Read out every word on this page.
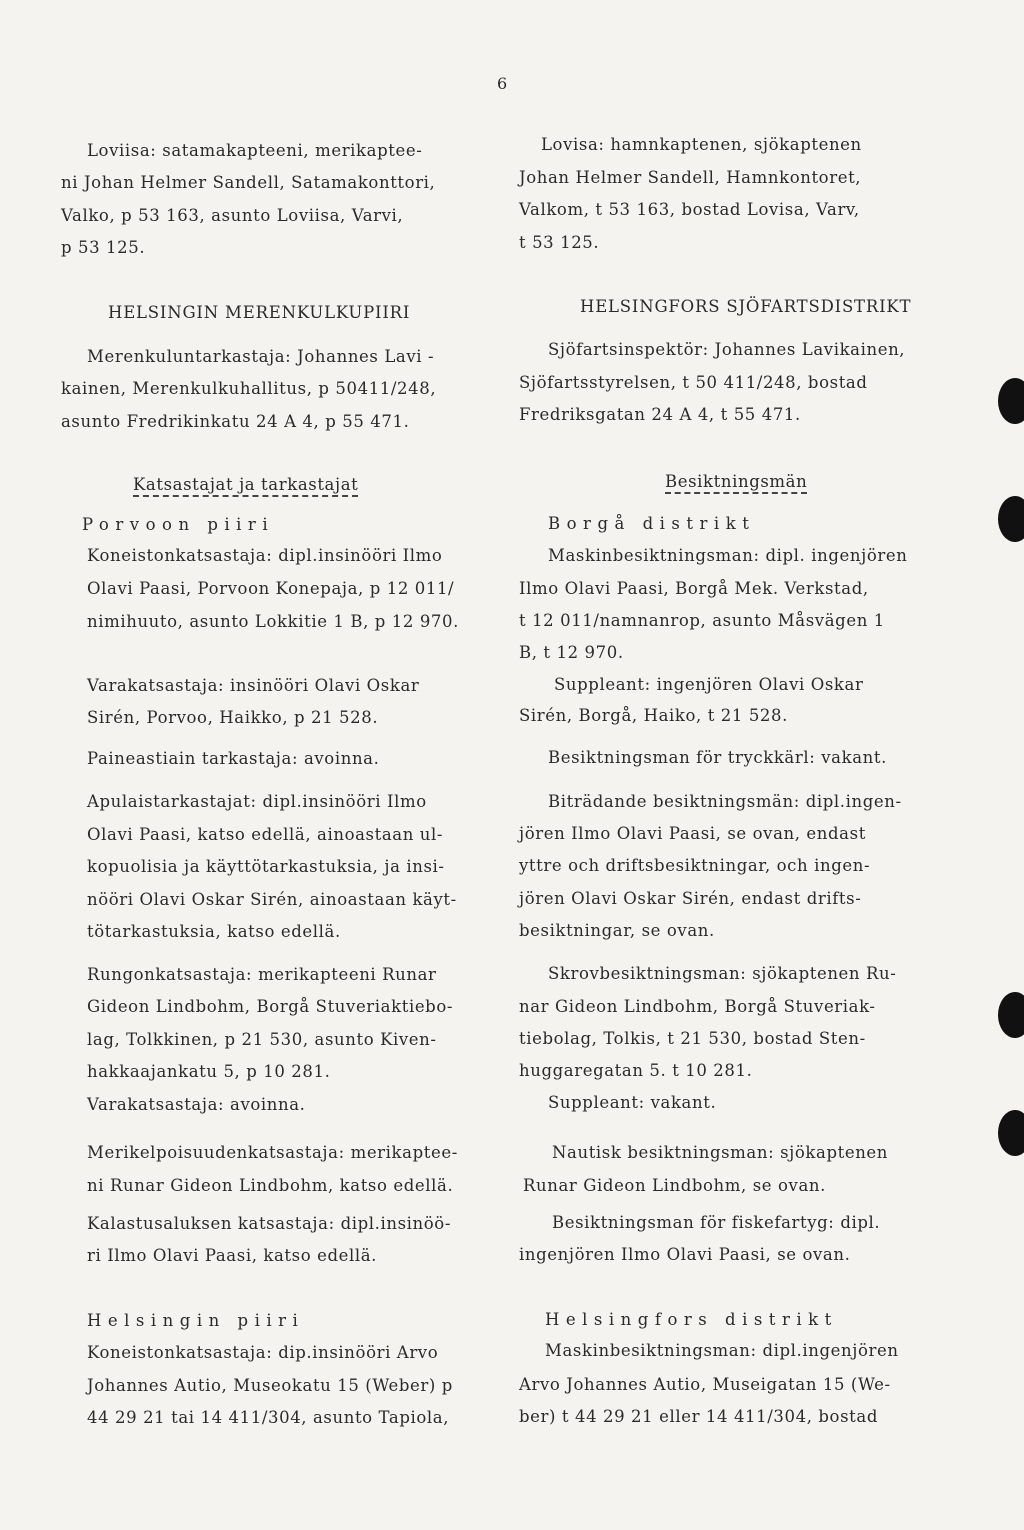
6
Loviisa: satamakapteeni, merikaptee-
ni Johan Helmer Sandell, Satamakonttori,
Valko, p 53 163, asunto Loviisa, Varvi,
p 53 125.
HELSINGIN MERENKULKUPIIRI
Merenkuluntarkastaja: Johannes Lavi -
kainen, Merenkulkuhallitus, p 50411/248,
asunto Fredrikinkatu 24 A 4, p 55 471.
Katsastajat ja tarkastajat
Porvoon piiri
Koneistonkatsastaja: dipl.insinööri Ilmo
Olavi Paasi, Porvoon Konepaja, p 12 011/
nimihuuto, asunto Lokkitie 1 B, p 12 970.
Varakatsastaja: insinööri Olavi Oskar
Sirén, Porvoo, Haikko, p 21 528.
Paineastiain tarkastaja: avoinna.
Apulaistarkastajat: dipl.insinööri Ilmo
Olavi Paasi, katso edellä, ainoastaan ul-
kopuolisia ja käyttötarkastuksia, ja insi-
nööri Olavi Oskar Sirén, ainoastaan käyt-
tötarkastuksia, katso edellä.
Rungonkatsastaja: merikapteeni Runar
Gideon Lindbohm, Borgå Stuveriaktiebo-
lag, Tolkkinen, p 21 530, asunto Kiven-
hakkaajankatu 5, p 10 281.
Varakatsastaja: avoinna.
Merikelpoisuudenkatsastaja: merikaptee-
ni Runar Gideon Lindbohm, katso edellä.
Kalastusaluksen katsastaja: dipl.insinöö-
ri Ilmo Olavi Paasi, katso edellä.
Helsingin piiri
Koneistonkatsastaja: dip.insinööri Arvo
Johannes Autio, Museokatu 15 (Weber) p
44 29 21 tai 14 411/304, asunto Tapiola,
Lovisa: hamnkaptenen, sjökaptenen
Johan Helmer Sandell, Hamnkontoret,
Valkom, t 53 163, bostad Lovisa, Varv,
t 53 125.
HELSINGFORS SJÖFARTSDISTRIKT
Sjöfartsinspektör: Johannes Lavikainen,
Sjöfartsstyrelsen, t 50 411/248, bostad
Fredriksgatan 24 A 4, t 55 471.
Besiktningsmän
Borgå distrikt
Maskinbesiktningsman: dipl. ingenjören
Ilmo Olavi Paasi, Borgå Mek. Verkstad,
t 12 011/namnanrop, asunto Måsvägen 1
B, t 12 970.
Suppleant: ingenjören Olavi Oskar
Sirén, Borgå, Haiko, t 21 528.
Besiktningsman för tryckkärl: vakant.
Biträdande besiktningsmän: dipl.ingen-
jören Ilmo Olavi Paasi, se ovan, endast
yttre och driftsbesiktningar, och ingen-
jören Olavi Oskar Sirén, endast drifts-
besiktningar, se ovan.
Skrovbesiktningsman: sjökaptenen Ru-
nar Gideon Lindbohm, Borgå Stuveriak-
tiebolag, Tolkis, t 21 530, bostad Sten-
huggaregatan 5. t 10 281.
Suppleant: vakant.
Nautisk besiktningsman: sjökaptenen
Runar Gideon Lindbohm, se ovan.
Besiktningsman för fiskefartyg: dipl.
ingenjören Ilmo Olavi Paasi, se ovan.
Helsingfors distrikt
Maskinbesiktningsman: dipl.ingenjören
Arvo Johannes Autio, Museigatan 15 (We-
ber) t 44 29 21 eller 14 411/304, bostad
